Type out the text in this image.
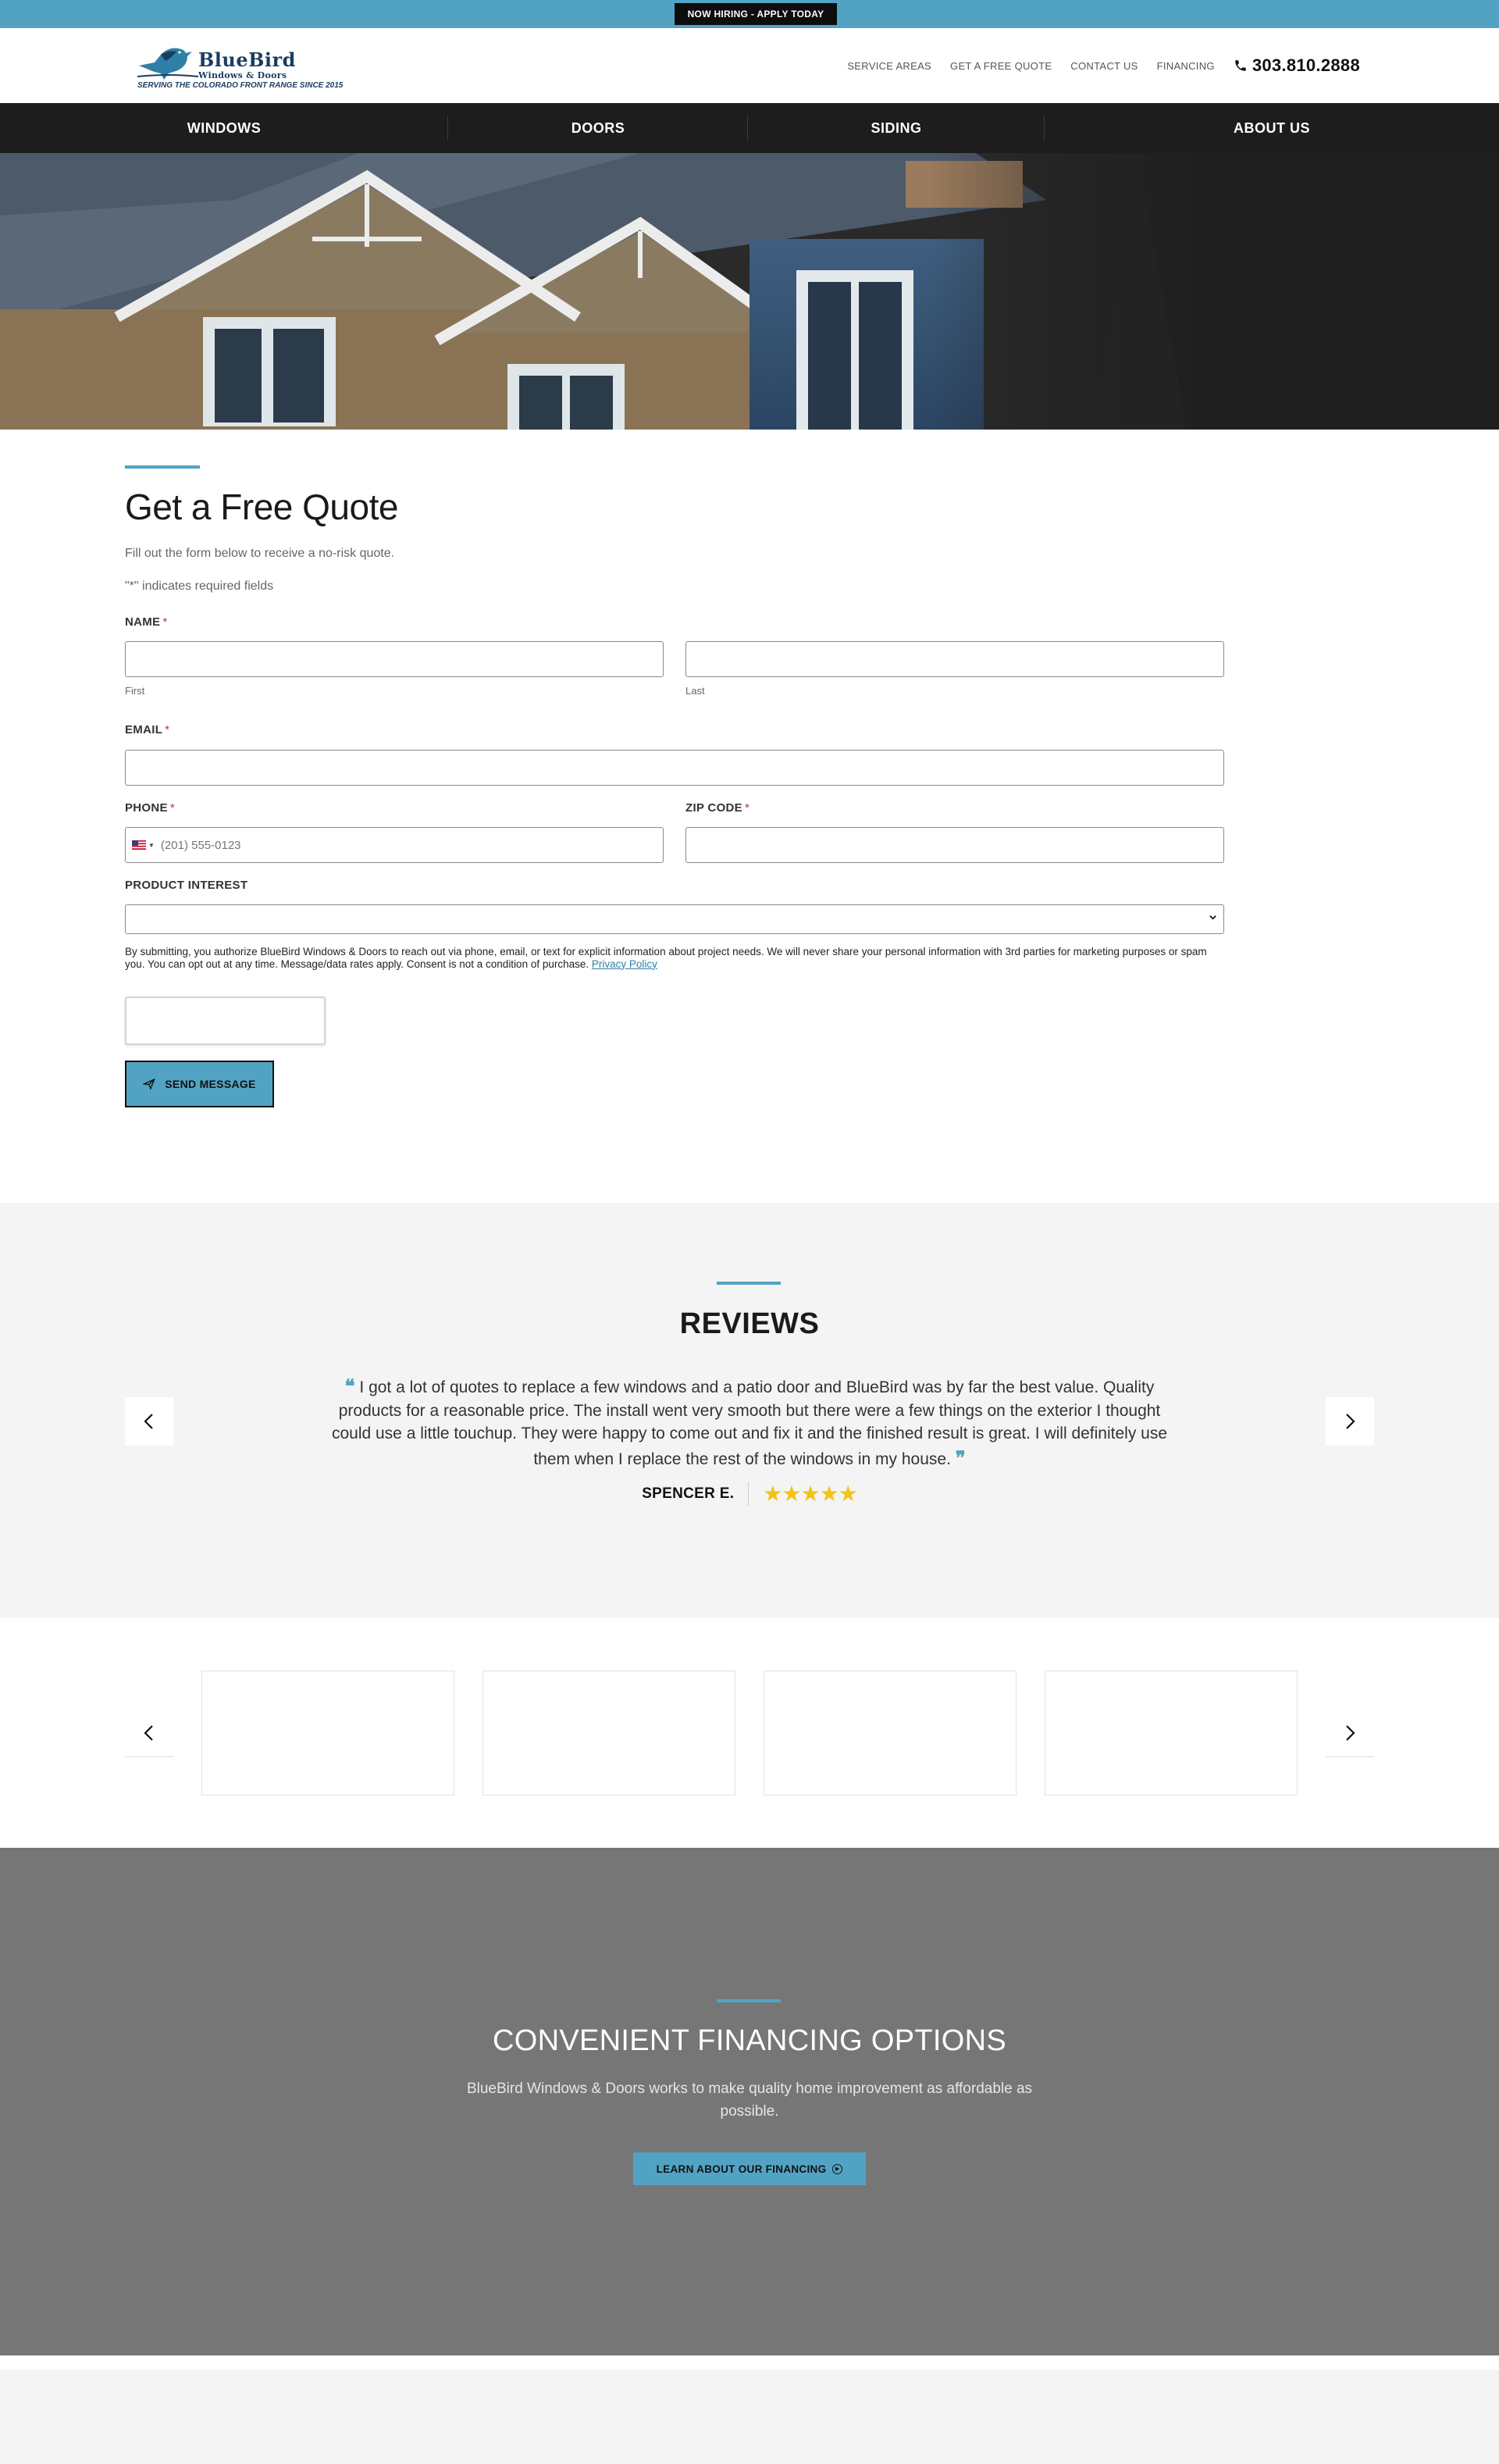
NOW HIRING - APPLY TODAY
BlueBird
Windows & Doors
SERVING THE COLORADO FRONT RANGE SINCE 2015
SERVICE AREAS GET A FREE QUOTE CONTACT US FINANCING 303.810.2888
WINDOWS	DOORS	SIDING	ABOUT US
Get a Free Quote

Fill out the form below to receive a no-risk quote.

"*" indicates required fields

NAME *
First	Last
EMAIL *
PHONE *	ZIP CODE *
▼
(201) 555-0123
PRODUCT INTEREST

By submitting, you authorize BlueBird Windows & Doors to reach out via phone, email, or text for explicit information about project needs. We will never share your personal information with 3rd parties for marketing purposes or spam you. You can opt out at any time. Message/data rates apply. Consent is not a condition of purchase. Privacy Policy

SEND MESSAGE
REVIEWS

❝ I got a lot of quotes to replace a few windows and a patio door and BlueBird was by far the best value. Quality products for a reasonable price. The install went very smooth but there were a few things on the exterior I thought could use a little touchup. They were happy to come out and fix it and the finished result is great. I will definitely use them when I replace the rest of the windows in my house. ❞

SPENCER E. ★★★★★
CONVENIENT FINANCING OPTIONS

BlueBird Windows & Doors works to make quality home improvement as affordable as possible.

LEARN ABOUT OUR FINANCING	▶
